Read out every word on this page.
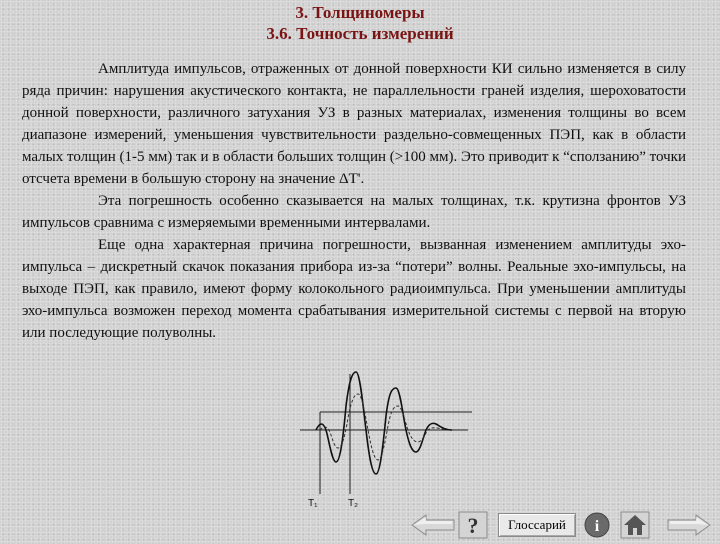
3. Толщиномеры
3.6. Точность измерений

Амплитуда импульсов, отраженных от донной поверхности КИ сильно изменяется в силу ряда причин: нарушения акустического контакта, не параллельности граней изделия, шероховатости донной поверхности, различного затухания УЗ в разных материалах, изменения толщины во всем диапазоне измерений, уменьшения чувствительности раздельно-совмещенных ПЭП, как в области малых толщин (1-5 мм) так и в области больших толщин (>100 мм). Это приводит к “сползанию” точки отсчета времени в большую сторону на значение ΔТ'.

Эта погрешность особенно сказывается на малых толщинах, т.к. крутизна фронтов УЗ импульсов сравнима с измеряемыми временными интервалами.

Еще одна характерная причина погрешности, вызванная изменением амплитуды эхо-импульса – дискретный скачок показания прибора из-за “потери” волны. Реальные эхо-импульсы, на выходе ПЭП, как правило, имеют форму колокольного радиоимпульса. При уменьшении амплитуды эхо-импульса возможен переход момента срабатывания измерительной системы с первой на вторую или последующие полуволны.

T₁	T₂
?	Глоссарий	i
